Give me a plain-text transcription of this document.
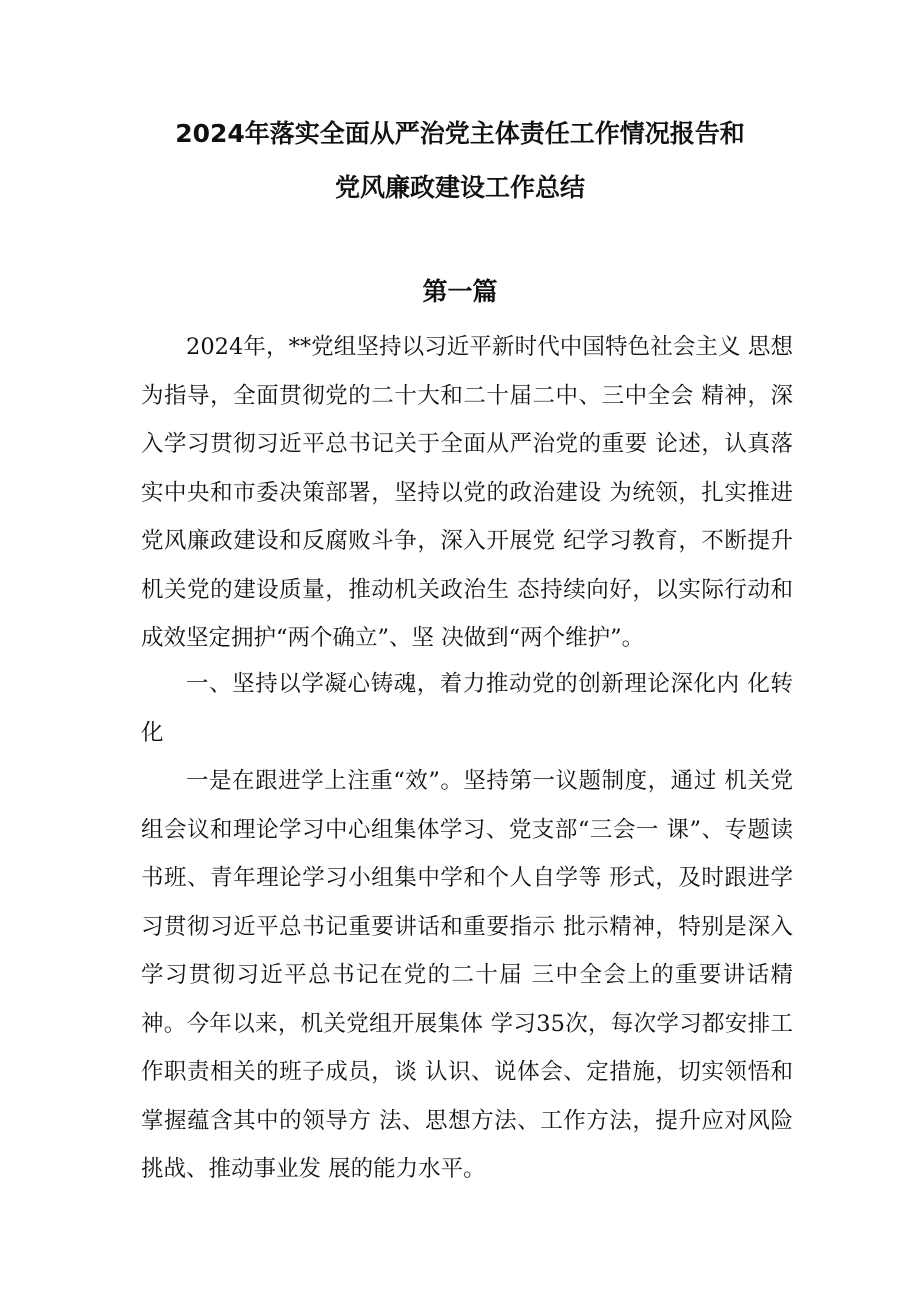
2024年落实全面从严治党主体责任工作情况报告和
党风廉政建设工作总结
第一篇

2024年，**党组坚持以习近平新时代中国特色社会主义 思想为指导，全面贯彻党的二十大和二十届二中、三中全会 精神，深入学习贯彻习近平总书记关于全面从严治党的重要 论述，认真落实中央和市委决策部署，坚持以党的政治建设 为统领，扎实推进党风廉政建设和反腐败斗争，深入开展党 纪学习教育，不断提升机关党的建设质量，推动机关政治生 态持续向好，以实际行动和成效坚定拥护“两个确立”、坚 决做到“两个维护”。

一、坚持以学凝心铸魂，着力推动党的创新理论深化内 化转化

一是在跟进学上注重“效”。坚持第一议题制度，通过 机关党组会议和理论学习中心组集体学习、党支部“三会一 课”、专题读书班、青年理论学习小组集中学和个人自学等 形式，及时跟进学习贯彻习近平总书记重要讲话和重要指示 批示精神，特别是深入学习贯彻习近平总书记在党的二十届 三中全会上的重要讲话精神。今年以来，机关党组开展集体 学习35次，每次学习都安排工作职责相关的班子成员，谈 认识、说体会、定措施，切实领悟和掌握蕴含其中的领导方 法、思想方法、工作方法，提升应对风险挑战、推动事业发 展的能力水平。
